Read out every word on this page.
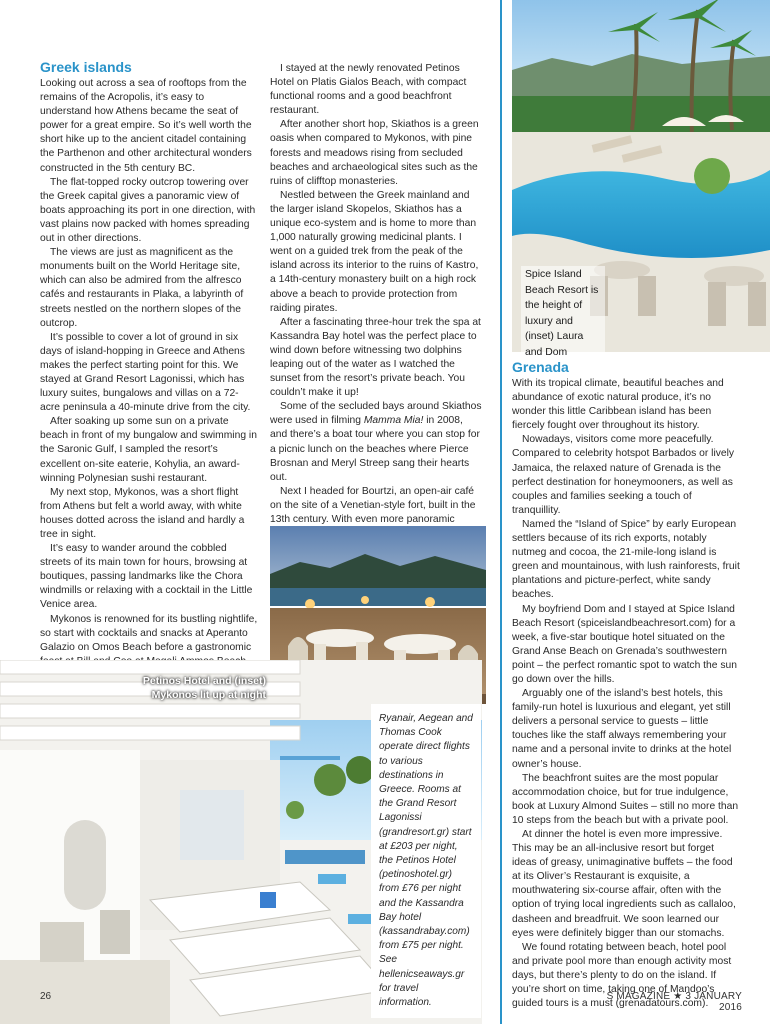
Greek islands

Looking out across a sea of rooftops from the remains of the Acropolis, it’s easy to understand how Athens became the seat of power for a great empire. So it’s well worth the short hike up to the ancient citadel containing the Parthenon and other architectural wonders constructed in the 5th century BC.

The flat-topped rocky outcrop towering over the Greek capital gives a panoramic view of boats approaching its port in one direction, with vast plains now packed with homes spreading out in other directions.

The views are just as magnificent as the monuments built on the World Heritage site, which can also be admired from the alfresco cafés and restaurants in Plaka, a labyrinth of streets nestled on the northern slopes of the outcrop.

It’s possible to cover a lot of ground in six days of island-hopping in Greece and Athens makes the perfect starting point for this. We stayed at Grand Resort Lagonissi, which has luxury suites, bungalows and villas on a 72-acre peninsula a 40-minute drive from the city.

After soaking up some sun on a private beach in front of my bungalow and swimming in the Saronic Gulf, I sampled the resort’s excellent on-site eaterie, Kohylia, an award-winning Polynesian sushi restaurant.

My next stop, Mykonos, was a short flight from Athens but felt a world away, with white houses dotted across the island and hardly a tree in sight.

It’s easy to wander around the cobbled streets of its main town for hours, browsing at boutiques, passing landmarks like the Chora windmills or relaxing with a cocktail in the Little Venice area.

Mykonos is renowned for its bustling nightlife, so start with cocktails and snacks at Aperanto Galazio on Omos Beach before a gastronomic

I stayed at the newly renovated Petinos Hotel on Platis Gialos Beach, with compact functional rooms and a good beachfront restaurant.

After another short hop, Skiathos is a green oasis when compared to Mykonos, with pine forests and meadows rising from secluded beaches and archaeological sites such as the ruins of clifftop monasteries.

Nestled between the Greek mainland and the larger island Skopelos, Skiathos has a unique eco-system and is home to more than 1,000 naturally growing medicinal plants. I went on a guided trek from the peak of the island across its interior to the ruins of Kastro, a 14th-century monastery built on a high rock above a beach to provide protection from raiding pirates.

After a fascinating three-hour trek the spa at Kassandra Bay hotel was the perfect place to wind down before witnessing two dolphins leaping out of the water as I watched the sunset from the resort’s private beach. You couldn’t make it up!

Some of the secluded bays around Skiathos were used in filming Mamma Mia! in 2008, and there’s a boat tour where you can stop for a picnic lunch on the beaches where Pierce Brosnan and Meryl Streep sang their hearts out.

Next I headed for Bourtzi, an open-air café on the site of a Venetian-style fort, built in the 13th century. With even more panoramic

Petinos Hotel and (inset) Mykonos lit up at night
Ryanair, Aegean and Thomas Cook operate direct flights to various destinations in Greece. Rooms at the Grand Resort Lagonissi (grandresort.gr) start at £203 per night, the Petinos Hotel (petinoshotel.gr) from £76 per night and the Kassandra Bay hotel (kassandrabay.com) from £75 per night. See hellenicseaways.gr for travel information.
Spice Island Beach Resort is the height of luxury and (inset) Laura and Dom
Grenada

With its tropical climate, beautiful beaches and abundance of exotic natural produce, it’s no wonder this little Caribbean island has been fiercely fought over throughout its history.

Nowadays, visitors come more peacefully. Compared to celebrity hotspot Barbados or lively Jamaica, the relaxed nature of Grenada is the perfect destination for honeymooners, as well as couples and families seeking a touch of tranquillity.

Named the “Island of Spice” by early European settlers because of its rich exports, notably nutmeg and cocoa, the 21-mile-long island is green and mountainous, with lush rainforests, fruit plantations and picture-perfect, white sandy beaches.

My boyfriend Dom and I stayed at Spice Island Beach Resort (spiceislandbeachresort.com) for a week, a five-star boutique hotel situated on the Grand Anse Beach on Grenada’s southwestern point – the perfect romantic spot to watch the sun go down over the hills.

Arguably one of the island’s best hotels, this family-run hotel is luxurious and elegant, yet still delivers a personal service to guests – little touches like the staff always remembering your name and a personal invite to drinks at the hotel owner’s house.

The beachfront suites are the most popular accommodation choice, but for true indulgence, book at Luxury Almond Suites – still no more than 10 steps from the beach but with a private pool.

At dinner the hotel is even more impressive. This may be an all-inclusive resort but forget ideas of greasy, unimaginative buffets – the food at its Oliver’s Restaurant is exquisite, a mouthwatering six-course affair, often with the option of trying local ingredients such as callaloo, dasheen and breadfruit. We soon learned our eyes were definitely bigger than our stomachs.

We found rotating between beach, hotel pool and private pool more than enough activity most days, but there’s plenty to do on the island. If you’re short on time, taking one of Mandoo’s guided tours is a must (grenadatours.com).

26	S MAGAZINE ★ 3 JANUARY 2016
